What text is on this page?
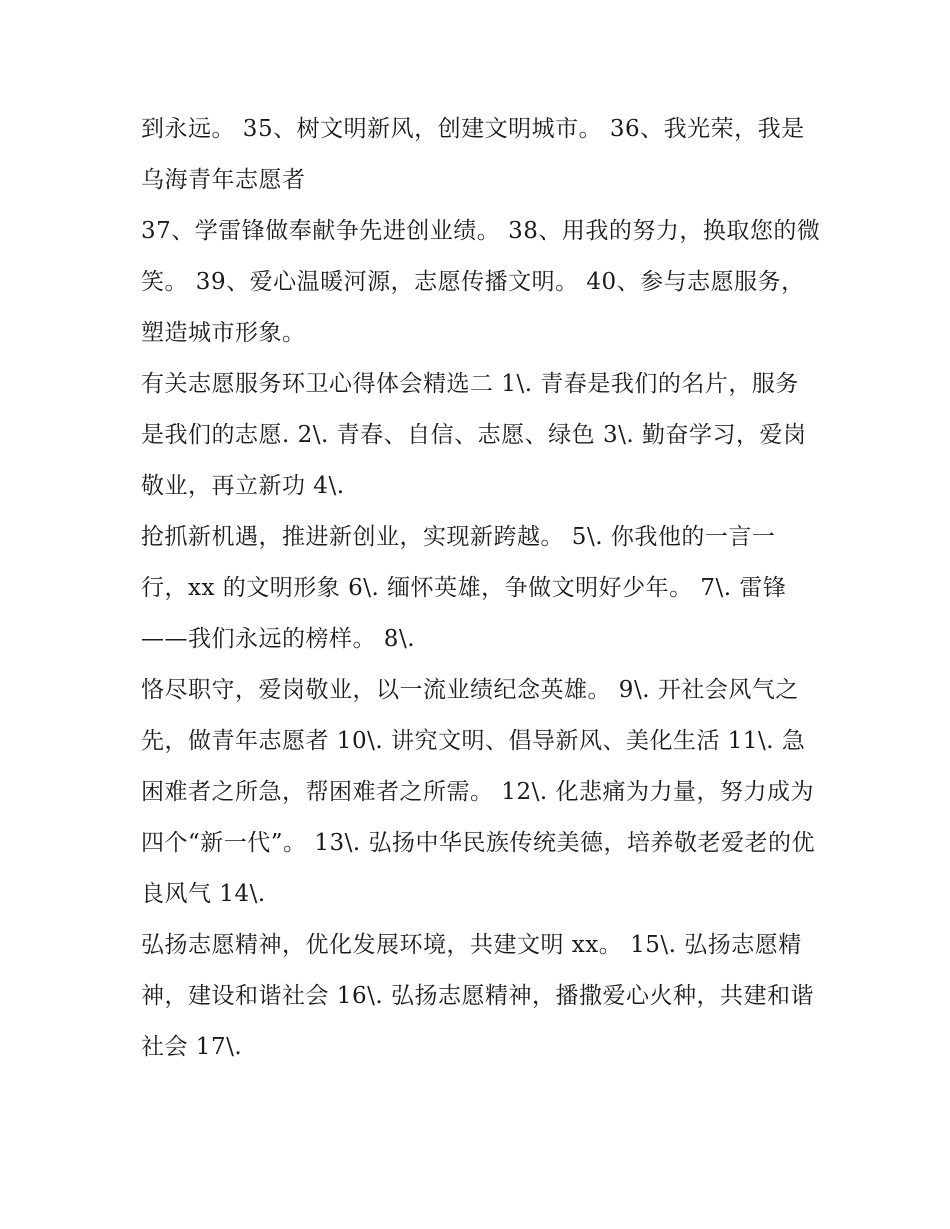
到永远。 35、树文明新风，创建文明城市。 36、我光荣，我是乌海青年志愿者

37、学雷锋做奉献争先进创业绩。 38、用我的努力，换取您的微笑。 39、爱心温暖河源，志愿传播文明。 40、参与志愿服务，塑造城市形象。

有关志愿服务环卫心得体会精选二 1\. 青春是我们的名片，服务是我们的志愿. 2\. 青春、自信、志愿、绿色 3\. 勤奋学习，爱岗敬业，再立新功 4\.

抢抓新机遇，推进新创业，实现新跨越。 5\. 你我他的一言一行，xx 的文明形象 6\. 缅怀英雄，争做文明好少年。 7\. 雷锋——我们永远的榜样。 8\.

恪尽职守，爱岗敬业，以一流业绩纪念英雄。 9\. 开社会风气之先，做青年志愿者 10\. 讲究文明、倡导新风、美化生活 11\. 急困难者之所急，帮困难者之所需。 12\. 化悲痛为力量，努力成为四个“新一代”。 13\. 弘扬中华民族传统美德，培养敬老爱老的优良风气 14\.

弘扬志愿精神，优化发展环境，共建文明 xx。 15\. 弘扬志愿精神，建设和谐社会 16\. 弘扬志愿精神，播撒爱心火种，共建和谐社会 17\.
